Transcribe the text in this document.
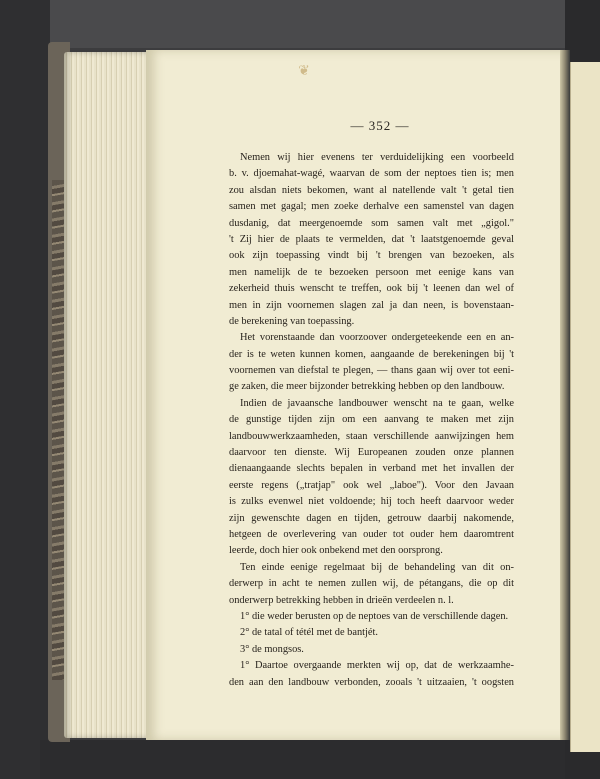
❦
— 352 —
Nemen wij hier evenens ter verduidelijking een voorbeeld
b. v. djoemahat-wagé, waarvan de som der neptoes tien is; men
zou alsdan niets bekomen, want al natellende valt 't getal tien
samen met gagal; men zoeke derhalve een samenstel van dagen
dusdanig, dat meergenoemde som samen valt met „gigol."
't Zij hier de plaats te vermelden, dat 't laatstgenoemde geval
ook zijn toepassing vindt bij 't brengen van bezoeken, als
men namelijk de te bezoeken persoon met eenige kans van
zekerheid thuis wenscht te treffen, ook bij 't leenen dan wel of
men in zijn voornemen slagen zal ja dan neen, is bovenstaan-
de berekening van toepassing.
Het vorenstaande dan voorzoover ondergeteekende een en an-
der is te weten kunnen komen, aangaande de berekeningen bij 't
voornemen van diefstal te plegen, — thans gaan wij over tot eeni-
ge zaken, die meer bijzonder betrekking hebben op den landbouw.
Indien de javaansche landbouwer wenscht na te gaan, welke
de gunstige tijden zijn om een aanvang te maken met zijn
landbouwwerkzaamheden, staan verschillende aanwijzingen hem
daarvoor ten dienste. Wij Europeanen zouden onze plannen
dienaangaande slechts bepalen in verband met het invallen der
eerste regens („tratjap" ook wel „laboe"). Voor den Javaan
is zulks evenwel niet voldoende; hij toch heeft daarvoor weder
zijn gewenschte dagen en tijden, getrouw daarbij nakomende,
hetgeen de overlevering van ouder tot ouder hem daaromtrent
leerde, doch hier ook onbekend met den oorsprong.
Ten einde eenige regelmaat bij de behandeling van dit on-
derwerp in acht te nemen zullen wij, de pétangans, die op dit
onderwerp betrekking hebben in drieën verdeelen n. l.
1° die weder berusten op de neptoes van de verschillende dagen.
2° de tatal of tétél met de bantjét.
3° de mongsos.
1° Daartoe overgaande merkten wij op, dat de werkzaamhe-
den aan den landbouw verbonden, zooals 't uitzaaien, 't oogsten
